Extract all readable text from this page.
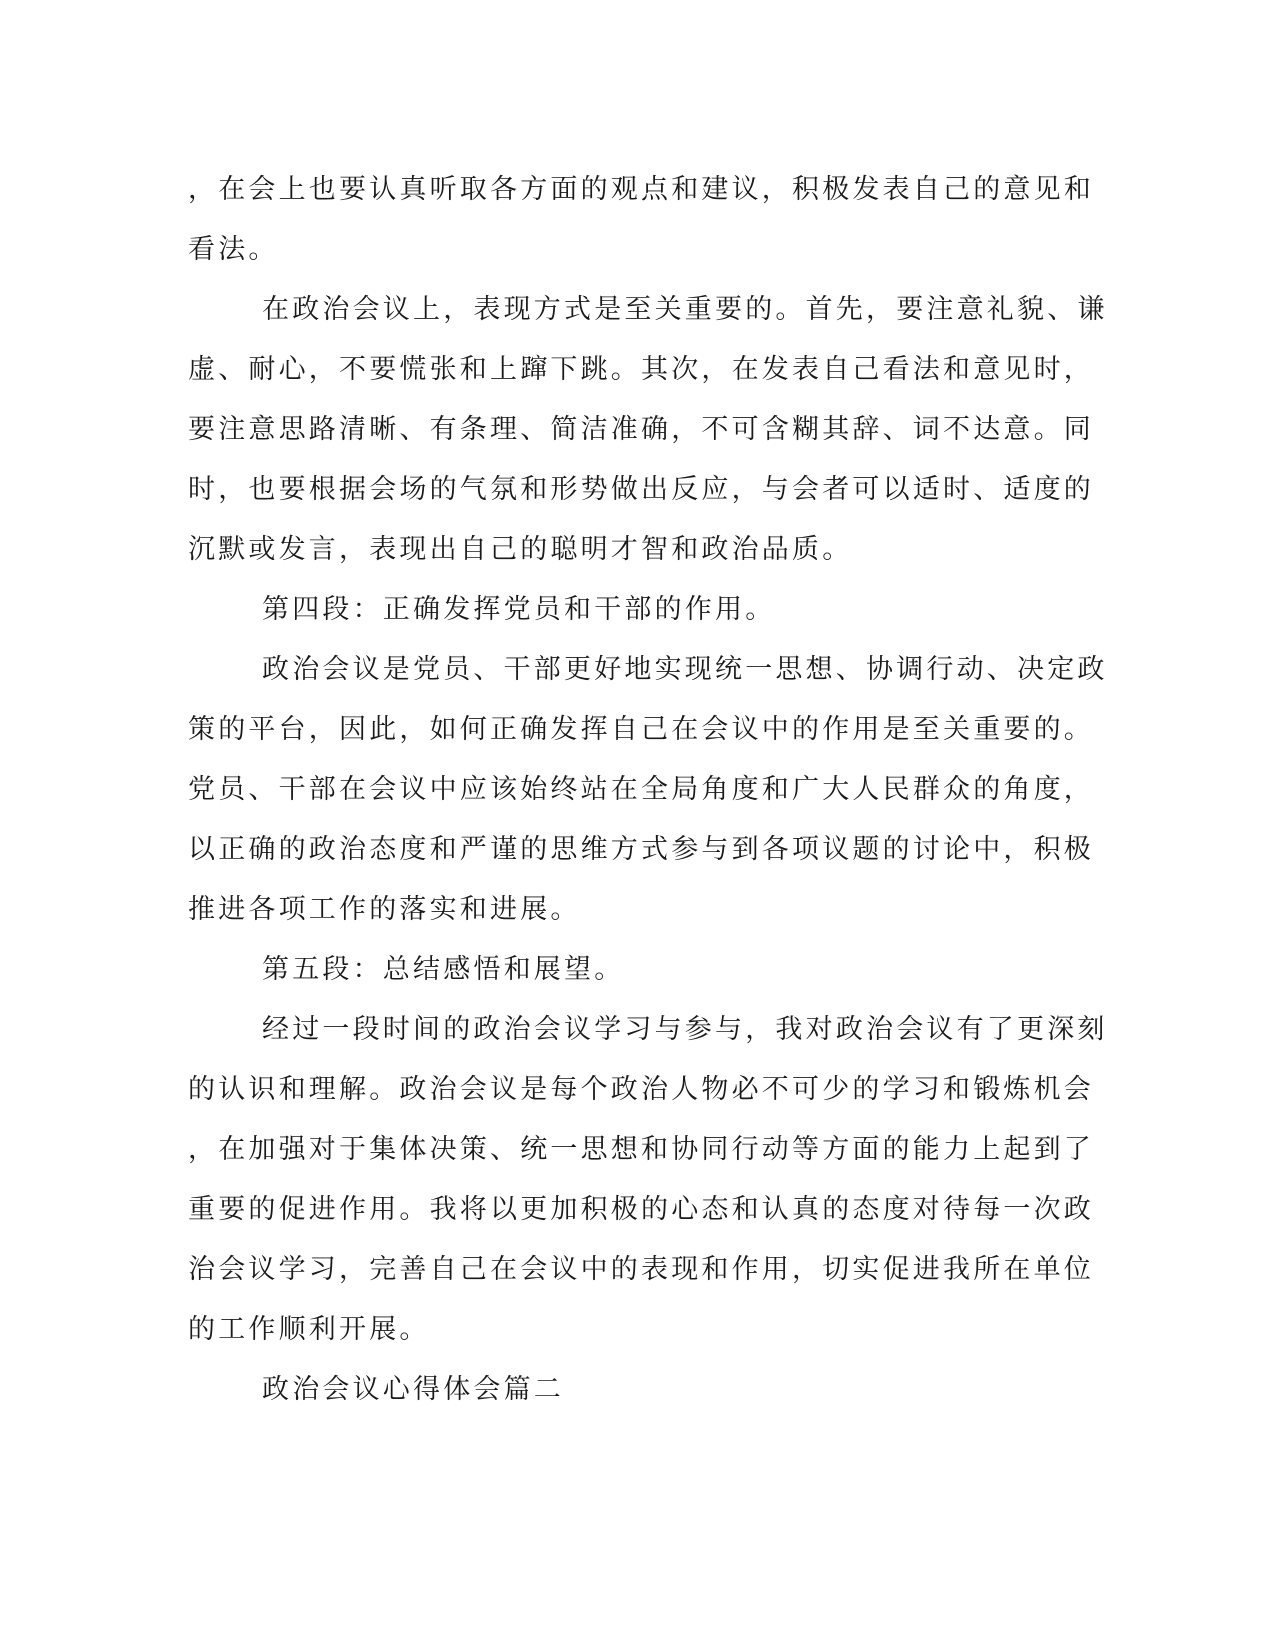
，在会上也要认真听取各方面的观点和建议，积极发表自己的意见和
看法。
在政治会议上，表现方式是至关重要的。首先，要注意礼貌、谦
虚、耐心，不要慌张和上蹿下跳。其次，在发表自己看法和意见时，
要注意思路清晰、有条理、简洁准确，不可含糊其辞、词不达意。同
时，也要根据会场的气氛和形势做出反应，与会者可以适时、适度的
沉默或发言，表现出自己的聪明才智和政治品质。
第四段：正确发挥党员和干部的作用。
政治会议是党员、干部更好地实现统一思想、协调行动、决定政
策的平台，因此，如何正确发挥自己在会议中的作用是至关重要的。
党员、干部在会议中应该始终站在全局角度和广大人民群众的角度，
以正确的政治态度和严谨的思维方式参与到各项议题的讨论中，积极
推进各项工作的落实和进展。
第五段：总结感悟和展望。
经过一段时间的政治会议学习与参与，我对政治会议有了更深刻
的认识和理解。政治会议是每个政治人物必不可少的学习和锻炼机会
，在加强对于集体决策、统一思想和协同行动等方面的能力上起到了
重要的促进作用。我将以更加积极的心态和认真的态度对待每一次政
治会议学习，完善自己在会议中的表现和作用，切实促进我所在单位
的工作顺利开展。
政治会议心得体会篇二
